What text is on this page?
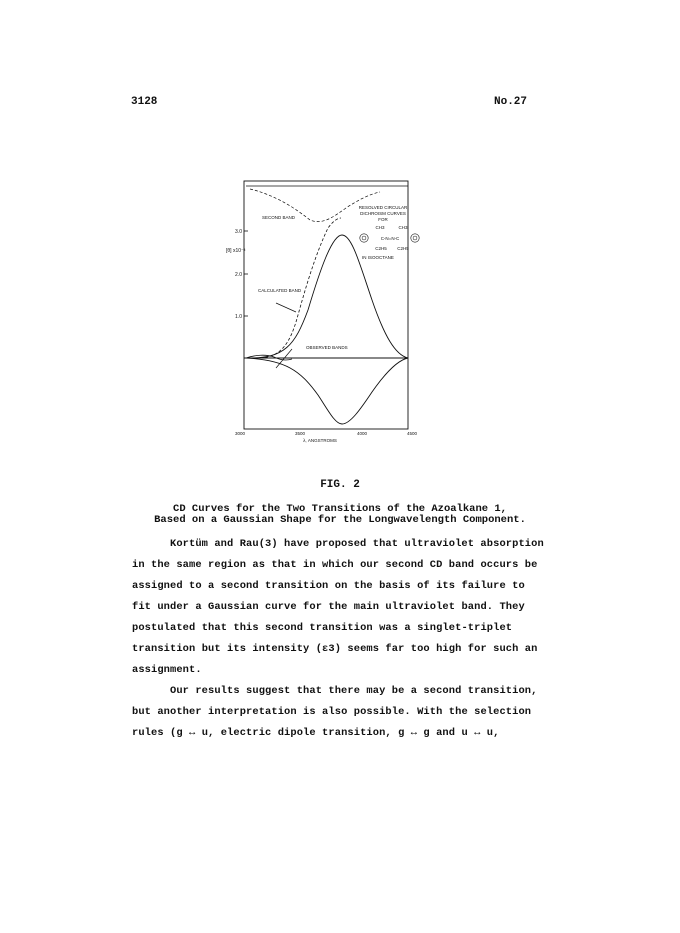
3128	No.27
3.0
2.0
1.0
[θ] x10⁻³
3000	3500	4000	4500
λ, ANGSTROMS
SECOND BAND
CALCULATED BAND
OBSERVED BANDS
RESOLVED CIRCULAR
DICHROISM CURVES
FOR
CH3	CH3
C-N=N-C
C2H5 C2H5
IN ISOOCTANE
FIG. 2
CD Curves for the Two Transitions of the Azoalkane 1,
Based on a Gaussian Shape for the Longwavelength Component.
Kortüm and Rau(3) have proposed that ultraviolet absorption
in the same region as that in which our second CD band occurs be
assigned to a second transition on the basis of its failure to
fit under a Gaussian curve for the main ultraviolet band. They
postulated that this second transition was a singlet-triplet
transition but its intensity (ε3) seems far too high for such an
assignment.
Our results suggest that there may be a second transition,
but another interpretation is also possible. With the selection
rules (g ↔ u, electric dipole transition, g ↔ g and u ↔ u,
